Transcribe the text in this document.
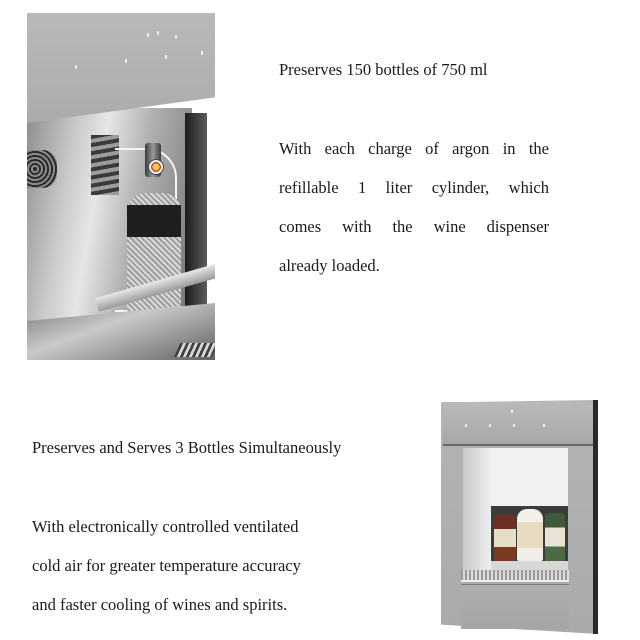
Preserves 150 bottles of 750 ml
With each charge of argon in the
refillable 1 liter cylinder, which
comes with the wine dispenser
already loaded.
Preserves and Serves 3 Bottles Simultaneously
With electronically controlled ventilated
cold air for greater temperature accuracy
and faster cooling of wines and spirits.
